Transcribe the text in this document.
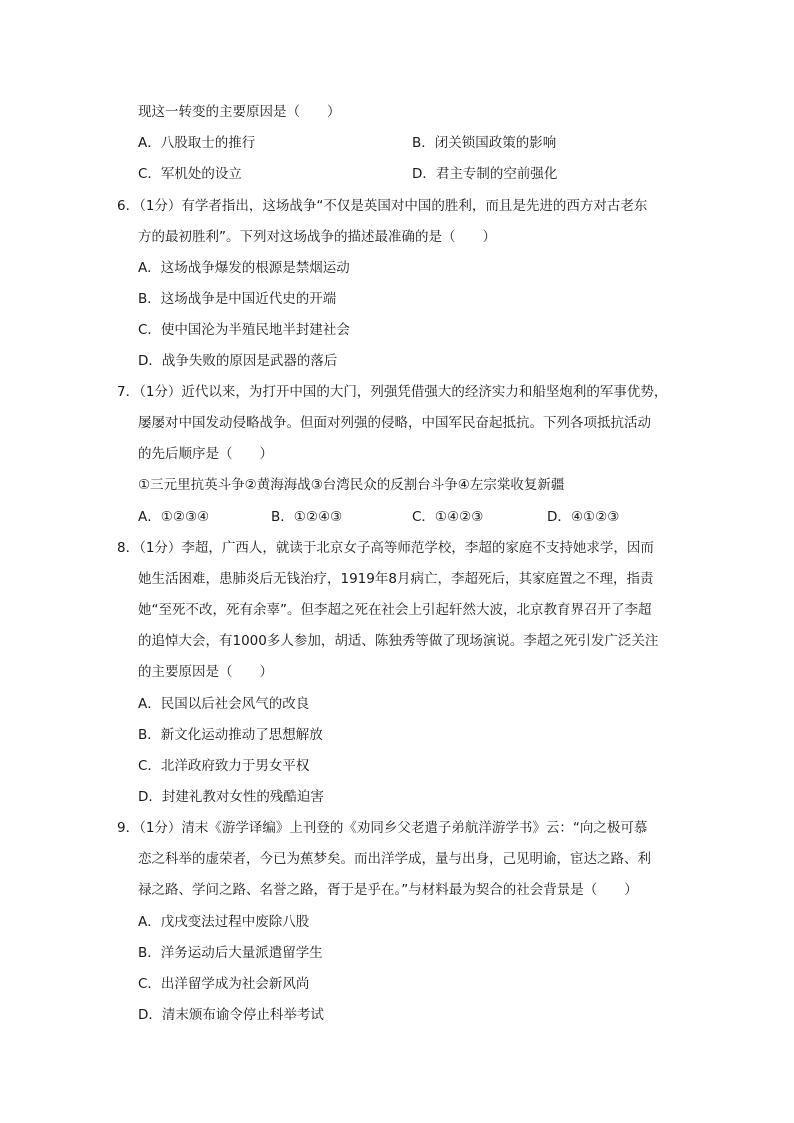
现这一转变的主要原因是（　　）
A．八股取士的推行	B．闭关锁国政策的影响
C．军机处的设立	D．君主专制的空前强化
6．（1分）有学者指出，这场战争“不仅是英国对中国的胜利，而且是先进的西方对古老东
方的最初胜利”。下列对这场战争的描述最准确的是（　　）
A．这场战争爆发的根源是禁烟运动
B．这场战争是中国近代史的开端
C．使中国沦为半殖民地半封建社会
D．战争失败的原因是武器的落后
7．（1分）近代以来，为打开中国的大门，列强凭借强大的经济实力和船坚炮利的军事优势，
屡屡对中国发动侵略战争。但面对列强的侵略，中国军民奋起抵抗。下列各项抵抗活动
的先后顺序是（　　）
①三元里抗英斗争②黄海海战③台湾民众的反割台斗争④左宗棠收复新疆
A．①②③④	B．①②④③	C．①④②③	D．④①②③
8．（1分）李超，广西人，就读于北京女子高等师范学校，李超的家庭不支持她求学，因而
她生活困难，患肺炎后无钱治疗，1919年8月病亡，李超死后，其家庭置之不理，指责
她“至死不改，死有余辜”。但李超之死在社会上引起轩然大波，北京教育界召开了李超
的追悼大会，有1000多人参加，胡适、陈独秀等做了现场演说。李超之死引发广泛关注
的主要原因是（　　）
A．民国以后社会风气的改良
B．新文化运动推动了思想解放
C．北洋政府致力于男女平权
D．封建礼教对女性的残酷迫害
9．（1分）清末《游学译编》上刊登的《劝同乡父老遣子弟航洋游学书》云：“向之极可慕
恋之科举的虚荣者，今已为蕉梦矣。而出洋学成，量与出身，己见明谕，宦达之路、利
禄之路、学问之路、名誉之路，胥于是乎在。”与材料最为契合的社会背景是（　　）
A．戊戌变法过程中废除八股
B．洋务运动后大量派遣留学生
C．出洋留学成为社会新风尚
D．清末颁布谕令停止科举考试
